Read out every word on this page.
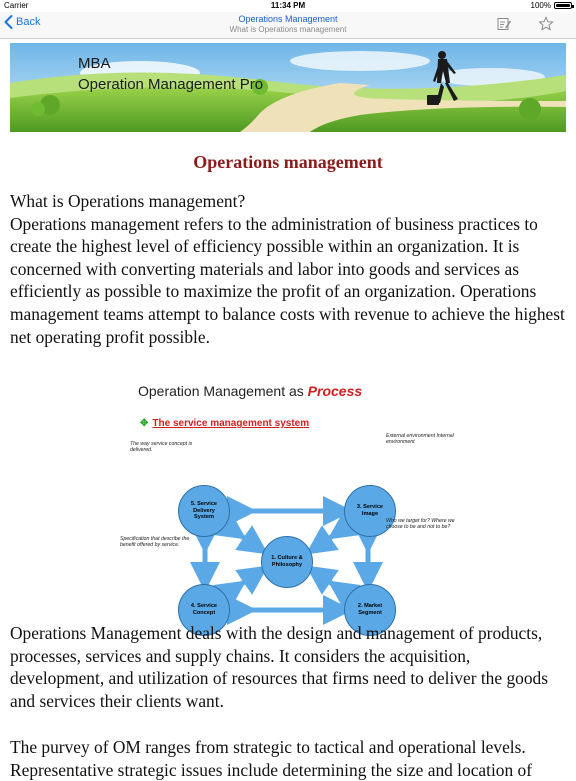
Carrier	11:34 PM	100%
Back	Operations Management
What is Operations management
MBA
Operation Management Pro
Operations management

What is Operations management?
Operations management refers to the administration of business practices to create the highest level of efficiency possible within an organization. It is concerned with converting materials and labor into goods and services as efficiently as possible to maximize the profit of an organization. Operations management teams attempt to balance costs with revenue to achieve the highest net operating profit possible.

Operation Management as Process
✥ The service management system
5. Service Delivery System
3. Service Image
1. Culture & Philosophy
4. Service Concept
2. Market Segment
The way service concept is delivered.
External environment Internal environment
Who we target for? Where we choose to be and not to be?
Specification that describe the benefit offered by service.

Operations Management deals with the design and management of products, processes, services and supply chains. It considers the acquisition, development, and utilization of resources that firms need to deliver the goods and services their clients want.

The purvey of OM ranges from strategic to tactical and operational levels. Representative strategic issues include determining the size and location of
